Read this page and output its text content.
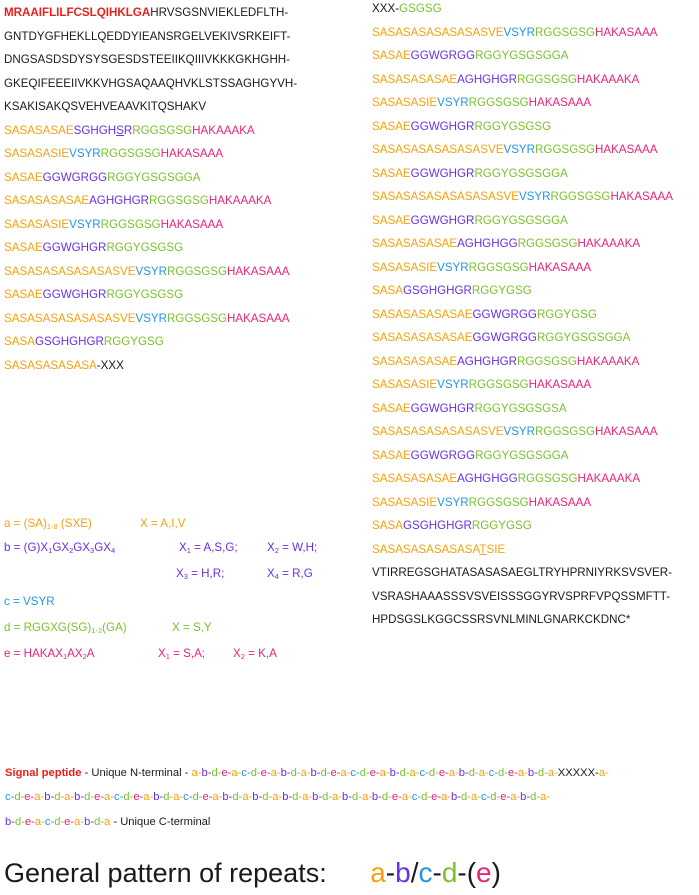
MRAAIFLILFCSLQIHKLGAHRVSGSNVIEKLEDFLTH-
GNTDYGFHEKLLQEDDYIEANSRGELVEKIVSRKEIFT-
DNGSASDSDYSYSGESDSTEEIIKQIIIVKKKGKHGHH-
GKEQIFEEEIIVKKVHGSAQAAQHVKLSTSSAGHGYVH-
KSAKISAKQSVEHVEAAVKITQSHAKV
SASASASAESGHGHSRRGGSGSGHAKAAAKA
SASASASIEVSYRRGGSGSGHAKASAAA
SASAEGGWGRGGRGGYGSGSGGA
SASASASASAEAGHGHGRRGGSGSGHAKAAAKA
SASASASIEVSYRRGGSGSGHAKASAAA
SASAEGGWGHGRRGGYGSGSG
SASASASASASASASVEVSYRRGGSGSGHAKASAAA
SASAEGGWGHGRRGGYGSGSG
SASASASASASASASVEVSYRRGGSGSGHAKASAAA
SASAGSGHGHGRRGGYGSG
SASASASASASA-XXX
XXX-GSGSG
SASASASASASASASVEVSYRRGGSGSGHAKASAAA
SASAEGGWGRGGRGGYGSGSGGA
SASASASASAEAGHGHGRRGGSGSGHAKAAAKA
SASASASIEVSYRRGGSGSGHAKASAAA
SASAEGGWGHGRRGGYGSGSG
SASASASASASASASVEVSYRRGGSGSGHAKASAAA
SASAEGGWGHGRRGGYGSGSGGA
SASASASASASASASASVEVSYRRGGSGSGHAKASAAA
SASAEGGWGHGRRGGYGSGSGGA
SASASASASAEAGHGHGGRGGSGSGHAKAAAKA
SASASASIEVSYRRGGSGSGHAKASAAA
SASAGSGHGHGRRGGYGSG
SASASASASASAEGGWGRGGRGGYGSG
SASASASASASAEGGWGRGGRGGYGSGSGGA
SASASASASAEAGHGHGRRGGSGSGHAKAAAKA
SASASASIEVSYRRGGSGSGHAKASAAA
SASAEGGWGHGRRGGYGSGSGSA
SASASASASASASASVEVSYRRGGSGSGHAKASAAA
SASAEGGWGRGGRGGYGSGSGGA
SASASASASAEAGHGHGGRGGSGSGHAKAAAKA
SASASASIEVSYRRGGSGSGHAKASAAA
SASAGSGHGHGRRGGYGSG
SASASASASASASATSIE
VTIRREGSGHATASASASAEGLTRYHPRNIYRKSVSVER-
VSRASHAAASSSVSVEISSSGGYRVSPRFVPQSSMFTT-
HPDSGSLKGGCSSRSVNLMINLGNARKCKDNC*
$a = (SA)_{1-8}$ (SXE)	X = A,I,V
$b = (G)X_1GX_2GX_3GX_4$	$X_1 = A,S,G$;	$X_2 = W,H$;
$X_3 = H,R$;	$X_4 = R,G$
c = VSYR
$d = RGGXG(SG)_{1-2}(GA)$	X = S,Y
$e = HAKAX_1AX_2A$	$X_1 = S,A$; $X_2 = K,A$
Signal peptide - Unique N-terminal - a-b-d-e-a-c-d-e-a-b-d-a-b-d-e-a-c-d-e-a-b-d-a-c-d-e-a-b-d-a-c-d-e-a-b-d-a-XXXXX-a-
c-d-e-a-b-d-a-b-d-e-a-c-d-e-a-b-d-a-c-d-e-a-b-d-a-b-d-a-b-d-a-b-d-a-b-d-a-b-d-e-a-c-d-e-a-b-d-a-c-d-e-a-b-d-a-
b-d-e-a-c-d-e-a-b-d-a - Unique C-terminal
General pattern of repeats: a-b/c-d-(e)
